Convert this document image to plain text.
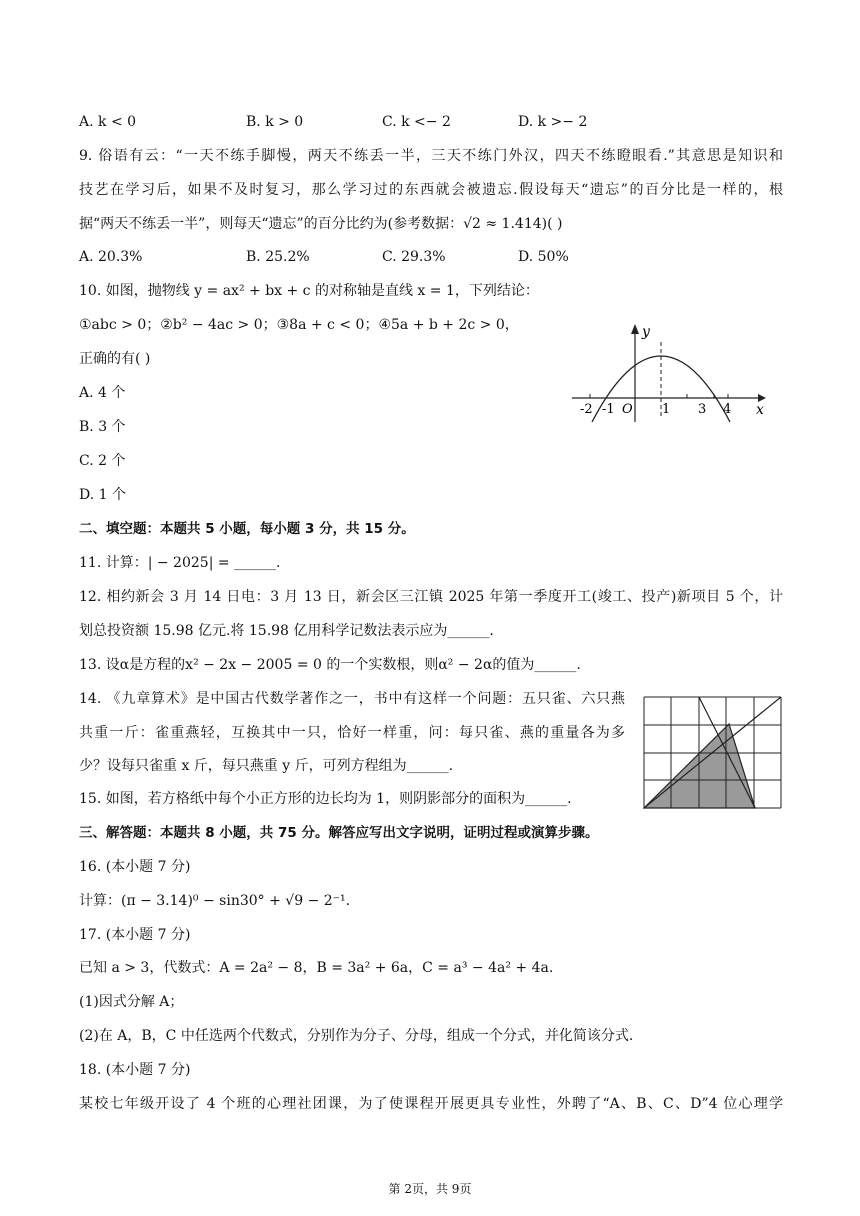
A. k < 0	B. k > 0	C. k <− 2	D. k >− 2
9. 俗语有云：“一天不练手脚慢，两天不练丢一半，三天不练门外汉，四天不练瞪眼看.”其意思是知识和
技艺在学习后，如果不及时复习，那么学习过的东西就会被遗忘.假设每天“遗忘”的百分比是一样的，根
据“两天不练丢一半”，则每天“遗忘”的百分比约为(参考数据：√2 ≈ 1.414)( )
A. 20.3%	B. 25.2%	C. 29.3%	D. 50%
10. 如图，抛物线 y = ax² + bx + c 的对称轴是直线 x = 1，下列结论：
①abc > 0；②b² − 4ac > 0；③8a + c < 0；④5a + b + 2c > 0，
正确的有( )
A. 4 个
B. 3 个
C. 2 个
D. 1 个
y
x
O
-2 -1	1 3 4
二、填空题：本题共 5 小题，每小题 3 分，共 15 分。
11. 计算：| − 2025| = ______.
12. 相约新会 3 月 14 日电：3 月 13 日，新会区三江镇 2025 年第一季度开工(竣工、投产)新项目 5 个，计
划总投资额 15.98 亿元.将 15.98 亿用科学记数法表示应为______.
13. 设α是方程的x² − 2x − 2005 = 0 的一个实数根，则α² − 2α的值为______.
14. 《九章算术》是中国古代数学著作之一，书中有这样一个问题：五只雀、六只燕
共重一斤：雀重燕轻，互换其中一只，恰好一样重，问：每只雀、燕的重量各为多
少？设每只雀重 x 斤，每只燕重 y 斤，可列方程组为______.
15. 如图，若方格纸中每个小正方形的边长均为 1，则阴影部分的面积为______.
三、解答题：本题共 8 小题，共 75 分。解答应写出文字说明，证明过程或演算步骤。
16. (本小题 7 分)
计算：(π − 3.14)⁰ − sin30° + √9 − 2⁻¹.
17. (本小题 7 分)
已知 a > 3，代数式：A = 2a² − 8，B = 3a² + 6a，C = a³ − 4a² + 4a.
(1)因式分解 A；
(2)在 A，B，C 中任选两个代数式，分别作为分子、分母，组成一个分式，并化简该分式.
18. (本小题 7 分)
某校七年级开设了 4 个班的心理社团课，为了使课程开展更具专业性，外聘了“A、B、C、D”4 位心理学
第 2页，共 9页
